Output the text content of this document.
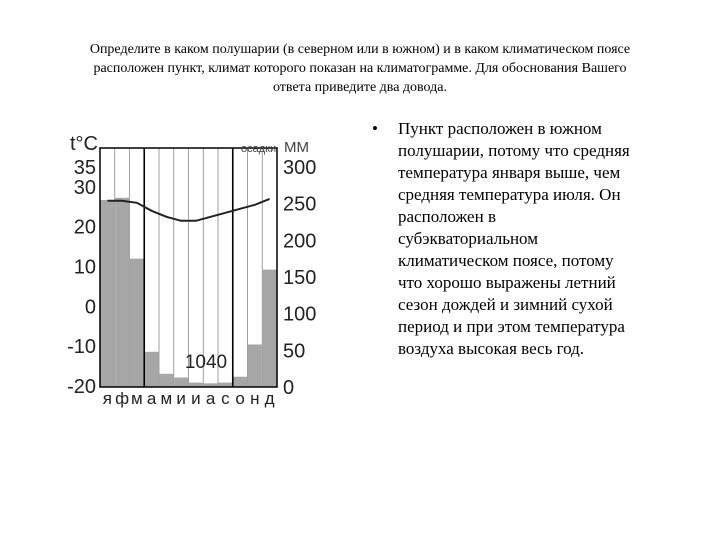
Определите в каком полушарии (в северном или в южном) и в каком климатическом поясе
расположен пункт, климат которого показан на климатограмме. Для обоснования Вашего
ответа приведите два довода.
t°C	осадки ММ
35
30
20
10
0
-10
-20
300
250
200
150
100
50
0
1040
я ф м а м и и а с о н д
• Пункт расположен в южном
полушарии, потому что средняя
температура января выше, чем
средняя температура июля. Он
расположен в
субэкваториальном
климатическом поясе, потому
что хорошо выражены летний
сезон дождей и зимний сухой
период и при этом температура
воздуха высокая весь год.
